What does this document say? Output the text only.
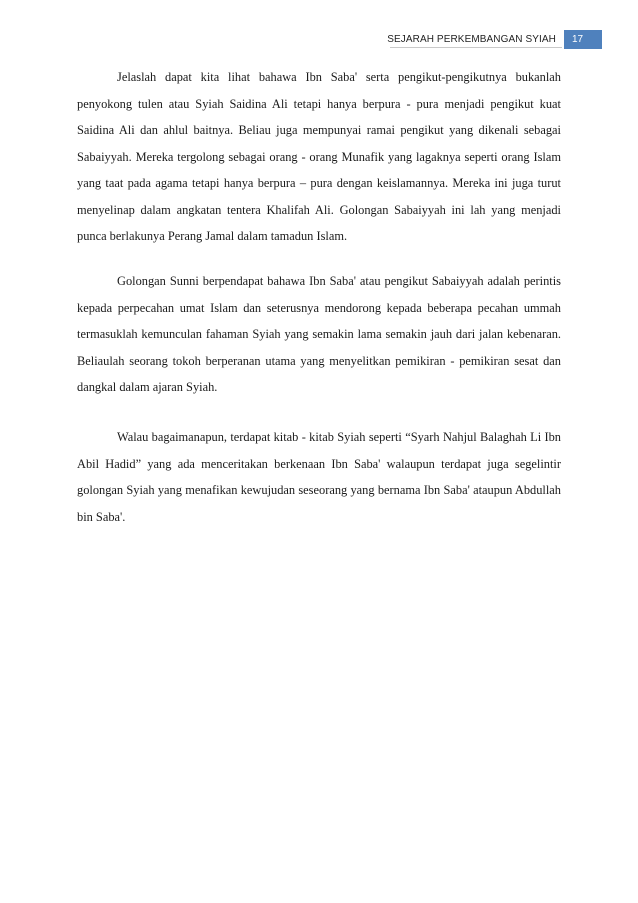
SEJARAH PERKEMBANGAN SYIAH	17

Jelaslah dapat kita lihat bahawa Ibn Saba' serta pengikut-pengikutnya bukanlah penyokong tulen atau Syiah Saidina Ali tetapi hanya berpura - pura menjadi pengikut kuat Saidina Ali dan ahlul baitnya. Beliau juga mempunyai ramai pengikut yang dikenali sebagai Sabaiyyah. Mereka tergolong sebagai orang - orang Munafik yang lagaknya seperti orang Islam yang taat pada agama tetapi hanya berpura – pura dengan keislamannya. Mereka ini juga turut menyelinap dalam angkatan tentera Khalifah Ali. Golongan Sabaiyyah ini lah yang menjadi punca berlakunya Perang Jamal dalam tamadun Islam.

Golongan Sunni berpendapat bahawa Ibn Saba' atau pengikut Sabaiyyah adalah perintis kepada perpecahan umat Islam dan seterusnya mendorong kepada beberapa pecahan ummah termasuklah kemunculan fahaman Syiah yang semakin lama semakin jauh dari jalan kebenaran. Beliaulah seorang tokoh berperanan utama yang menyelitkan pemikiran - pemikiran sesat dan dangkal dalam ajaran Syiah.

Walau bagaimanapun, terdapat kitab - kitab Syiah seperti “Syarh Nahjul Balaghah Li Ibn Abil Hadid” yang ada menceritakan berkenaan Ibn Saba' walaupun terdapat juga segelintir golongan Syiah yang menafikan kewujudan seseorang yang bernama Ibn Saba' ataupun Abdullah bin Saba'.
